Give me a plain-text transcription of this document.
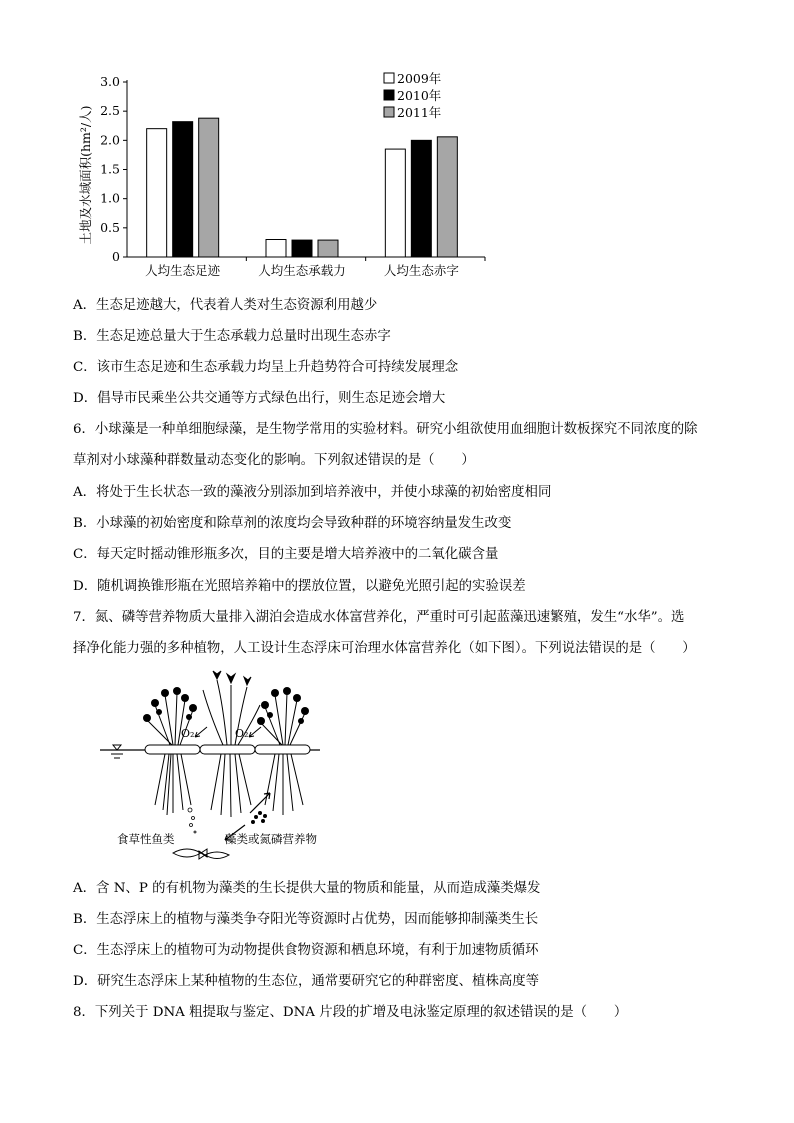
土地及水域面积(hm²/人)
0
0.5
1.0
1.5
2.0
2.5
3.0
人均生态足迹	人均生态承载力	人均生态赤字
2009年
2010年
2011年
A．生态足迹越大，代表着人类对生态资源利用越少
B．生态足迹总量大于生态承载力总量时出现生态赤字
C．该市生态足迹和生态承载力均呈上升趋势符合可持续发展理念
D．倡导市民乘坐公共交通等方式绿色出行，则生态足迹会增大
6．小球藻是一种单细胞绿藻，是生物学常用的实验材料。研究小组欲使用血细胞计数板探究不同浓度的除
草剂对小球藻种群数量动态变化的影响。下列叙述错误的是（　　）
A．将处于生长状态一致的藻液分别添加到培养液中，并使小球藻的初始密度相同
B．小球藻的初始密度和除草剂的浓度均会导致种群的环境容纳量发生改变
C．每天定时摇动锥形瓶多次，目的主要是增大培养液中的二氧化碳含量
D．随机调换锥形瓶在光照培养箱中的摆放位置，以避免光照引起的实验误差
7．氮、磷等营养物质大量排入湖泊会造成水体富营养化，严重时可引起蓝藻迅速繁殖，发生“水华”。选
择净化能力强的多种植物，人工设计生态浮床可治理水体富营养化（如下图）。下列说法错误的是（　　）
O₂	O₂
食草性鱼类	藻类或氮磷营养物
A．含 N、P 的有机物为藻类的生长提供大量的物质和能量，从而造成藻类爆发
B．生态浮床上的植物与藻类争夺阳光等资源时占优势，因而能够抑制藻类生长
C．生态浮床上的植物可为动物提供食物资源和栖息环境，有利于加速物质循环
D．研究生态浮床上某种植物的生态位，通常要研究它的种群密度、植株高度等
8．下列关于 DNA 粗提取与鉴定、DNA 片段的扩增及电泳鉴定原理的叙述错误的是（　　）
